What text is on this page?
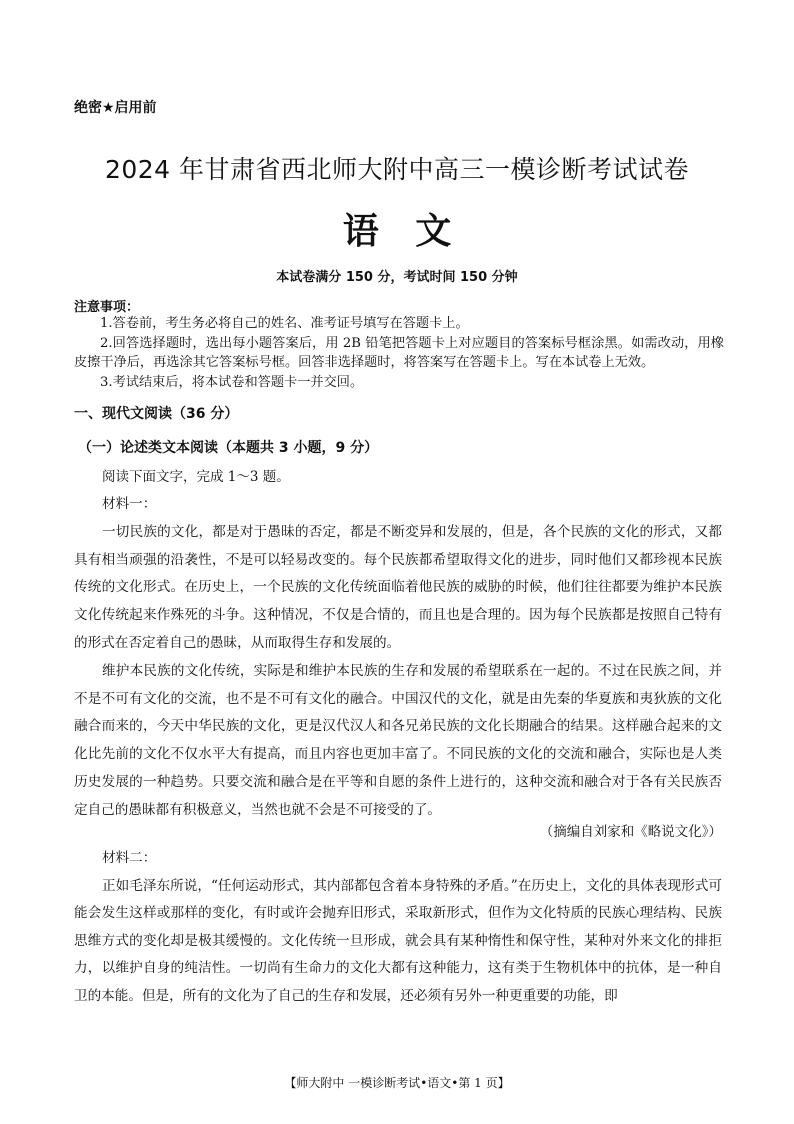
绝密★启用前
2024 年甘肃省西北师大附中高三一模诊断考试试卷
语 文
本试卷满分 150 分，考试时间 150 分钟
注意事项：

1.答卷前，考生务必将自己的姓名、准考证号填写在答题卡上。

2.回答选择题时，选出每小题答案后，用 2B 铅笔把答题卡上对应题目的答案标号框涂黑。如需改动，用橡皮擦干净后，再选涂其它答案标号框。回答非选择题时，将答案写在答题卡上。写在本试卷上无效。

3.考试结束后，将本试卷和答题卡一并交回。

一、现代文阅读（36 分）
（一）论述类文本阅读（本题共 3 小题，9 分）
阅读下面文字，完成 1～3 题。

材料一：

一切民族的文化，都是对于愚昧的否定，都是不断変异和发展的，但是，各个民族的文化的形式，又都具有相当顽强的沿袭性，不是可以轻易改变的。每个民族都希望取得文化的进步，同时他们又都珍视本民族传统的文化形式。在历史上，一个民族的文化传统面临着他民族的威胁的时候，他们往往都要为维护本民族文化传统起来作殊死的斗争。这种情况，不仅是合情的，而且也是合理的。因为每个民族都是按照自己特有的形式在否定着自己的愚昧，从而取得生存和发展的。

维护本民族的文化传统，实际是和维护本民族的生存和发展的希望联系在一起的。不过在民族之间，并不是不可有文化的交流，也不是不可有文化的融合。中国汉代的文化，就是由先秦的华夏族和夷狄族的文化融合而来的，今天中华民族的文化，更是汉代汉人和各兄弟民族的文化长期融合的结果。这样融合起来的文化比先前的文化不仅水平大有提高，而且内容也更加丰富了。不同民族的文化的交流和融合，实际也是人类历史发展的一种趋势。只要交流和融合是在平等和自愿的条件上进行的，这种交流和融合对于各有关民族否定自己的愚昧都有积极意义，当然也就不会是不可接受的了。

（摘编自刘家和《略说文化》）

材料二：

正如毛泽东所说，“任何运动形式，其内部都包含着本身特殊的矛盾。”在历史上，文化的具体表现形式可能会发生这样或那样的变化，有时或许会抛弃旧形式，采取新形式，但作为文化特质的民族心理结构、民族思维方式的变化却是极其缓慢的。文化传统一旦形成，就会具有某种惰性和保守性，某种对外来文化的排拒力，以维护自身的纯洁性。一切尚有生命力的文化大都有这种能力，这有类于生物机体中的抗体，是一种自卫的本能。但是，所有的文化为了自己的生存和发展，还必须有另外一种更重要的功能，即

【师大附中 一模诊断考试•语文•第 1 页】
